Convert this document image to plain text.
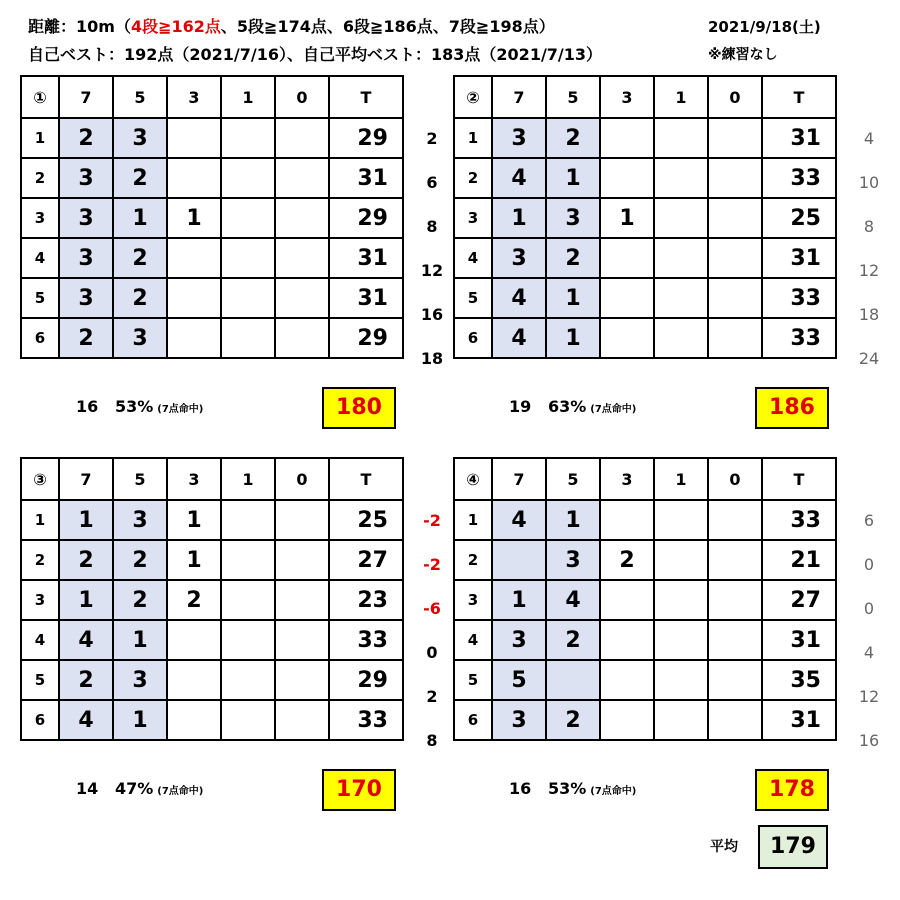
距離：10m（4段≧162点、5段≧174点、6段≧186点、7段≧198点）
自己ベスト：192点（2021/7/16）、自己平均ベスト：183点（2021/7/13）
2021/9/18(土)
※練習なし
①	7	5	3	1	0	T
1	2	3				29
2	3	2				31
3	3	1	1			29
4	3	2				31
5	3	2				31
6	2	3				29
②	7	5	3	1	0	T
1	3	2				31
2	4	1				33
3	1	3	1			25
4	3	2				31
5	4	1				33
6	4	1				33
③	7	5	3	1	0	T
1	1	3	1			25
2	2	2	1			27
3	1	2	2			23
4	4	1				33
5	2	3				29
6	4	1				33
④	7	5	3	1	0	T
1	4	1				33
2		3	2			21
3	1	4				27
4	3	2				31
5	5					35
6	3	2				31
16 53% (7点命中)	180	19 63% (7点命中)	186
14 47% (7点命中)	170	16 53% (7点命中)	178
平均	179
2	4
6	10
8	8
12	12
16	18
18	24
-2	6
-2	0
-6	0
0	4
2	12
8	16
